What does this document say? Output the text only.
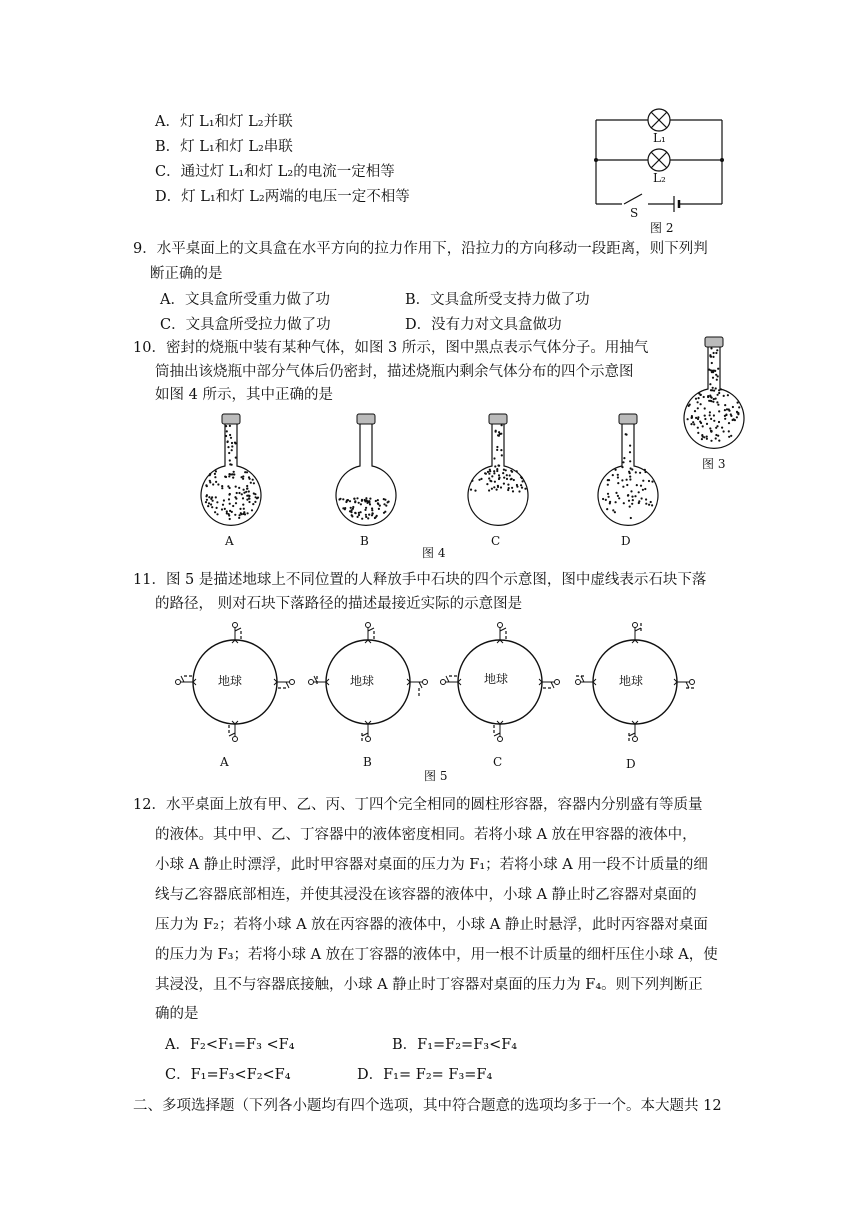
A．灯 L₁和灯 L₂并联
B．灯 L₁和灯 L₂串联
C．通过灯 L₁和灯 L₂的电流一定相等
D．灯 L₁和灯 L₂两端的电压一定不相等
L₁
L₂
S
图 2
9．水平桌面上的文具盒在水平方向的拉力作用下，沿拉力的方向移动一段距离，则下列判
断正确的是
A．文具盒所受重力做了功	B．文具盒所受支持力做了功
C．文具盒所受拉力做了功	D．没有力对文具盒做功
10．密封的烧瓶中装有某种气体，如图 3 所示，图中黑点表示气体分子。用抽气
筒抽出该烧瓶中部分气体后仍密封，描述烧瓶内剩余气体分布的四个示意图
如图 4 所示，其中正确的是
图 3
A	B	C	D
图 4
11．图 5 是描述地球上不同位置的人释放手中石块的四个示意图，图中虚线表示石块下落
的路径， 则对石块下落路径的描述最接近实际的示意图是
地球	地球	地球	地球
A	B	C	D
图 5
12．水平桌面上放有甲、乙、丙、丁四个完全相同的圆柱形容器，容器内分别盛有等质量
的液体。其中甲、乙、丁容器中的液体密度相同。若将小球 A 放在甲容器的液体中，
小球 A 静止时漂浮，此时甲容器对桌面的压力为 F₁；若将小球 A 用一段不计质量的细
线与乙容器底部相连，并使其浸没在该容器的液体中，小球 A 静止时乙容器对桌面的
压力为 F₂；若将小球 A 放在丙容器的液体中，小球 A 静止时悬浮，此时丙容器对桌面
的压力为 F₃；若将小球 A 放在丁容器的液体中，用一根不计质量的细杆压住小球 A，使
其浸没，且不与容器底接触，小球 A 静止时丁容器对桌面的压力为 F₄。则下列判断正
确的是
A．F₂<F₁=F₃ <F₄	B．F₁=F₂=F₃<F₄
C．F₁=F₃<F₂<F₄	D．F₁= F₂= F₃=F₄
二、多项选择题（下列各小题均有四个选项，其中符合题意的选项均多于一个。本大题共 12
